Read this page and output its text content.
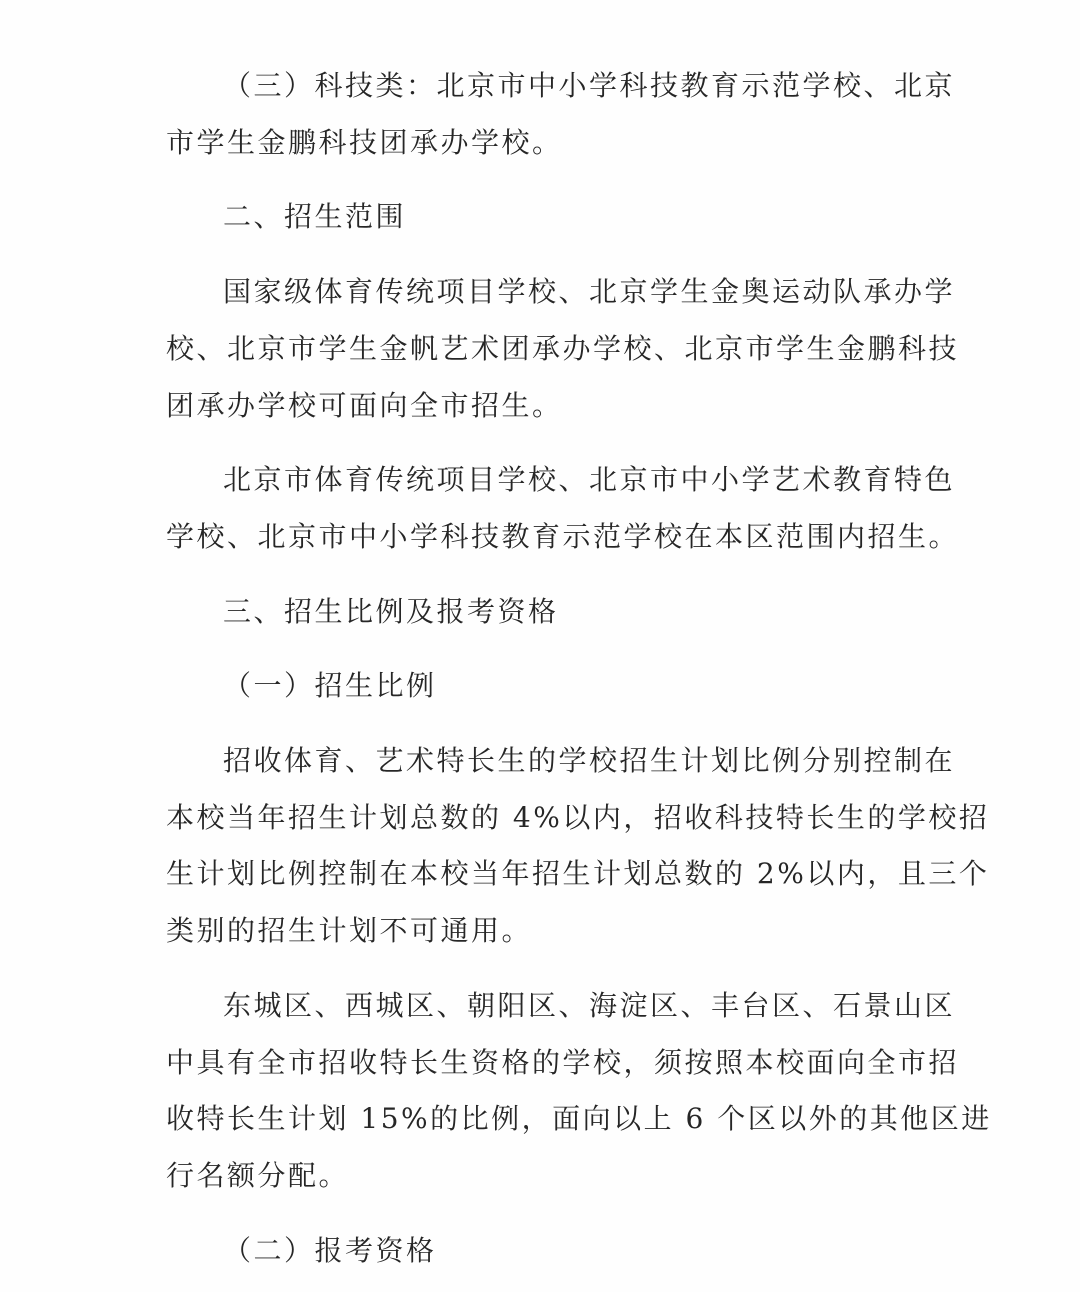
（三）科技类：北京市中小学科技教育示范学校、北京
市学生金鹏科技团承办学校。
二、招生范围
国家级体育传统项目学校、北京学生金奥运动队承办学
校、北京市学生金帆艺术团承办学校、北京市学生金鹏科技
团承办学校可面向全市招生。
北京市体育传统项目学校、北京市中小学艺术教育特色
学校、北京市中小学科技教育示范学校在本区范围内招生。
三、招生比例及报考资格
（一）招生比例
招收体育、艺术特长生的学校招生计划比例分别控制在
本校当年招生计划总数的 4%以内，招收科技特长生的学校招
生计划比例控制在本校当年招生计划总数的 2%以内，且三个
类别的招生计划不可通用。
东城区、西城区、朝阳区、海淀区、丰台区、石景山区
中具有全市招收特长生资格的学校，须按照本校面向全市招
收特长生计划 15%的比例，面向以上 6 个区以外的其他区进
行名额分配。
（二）报考资格
